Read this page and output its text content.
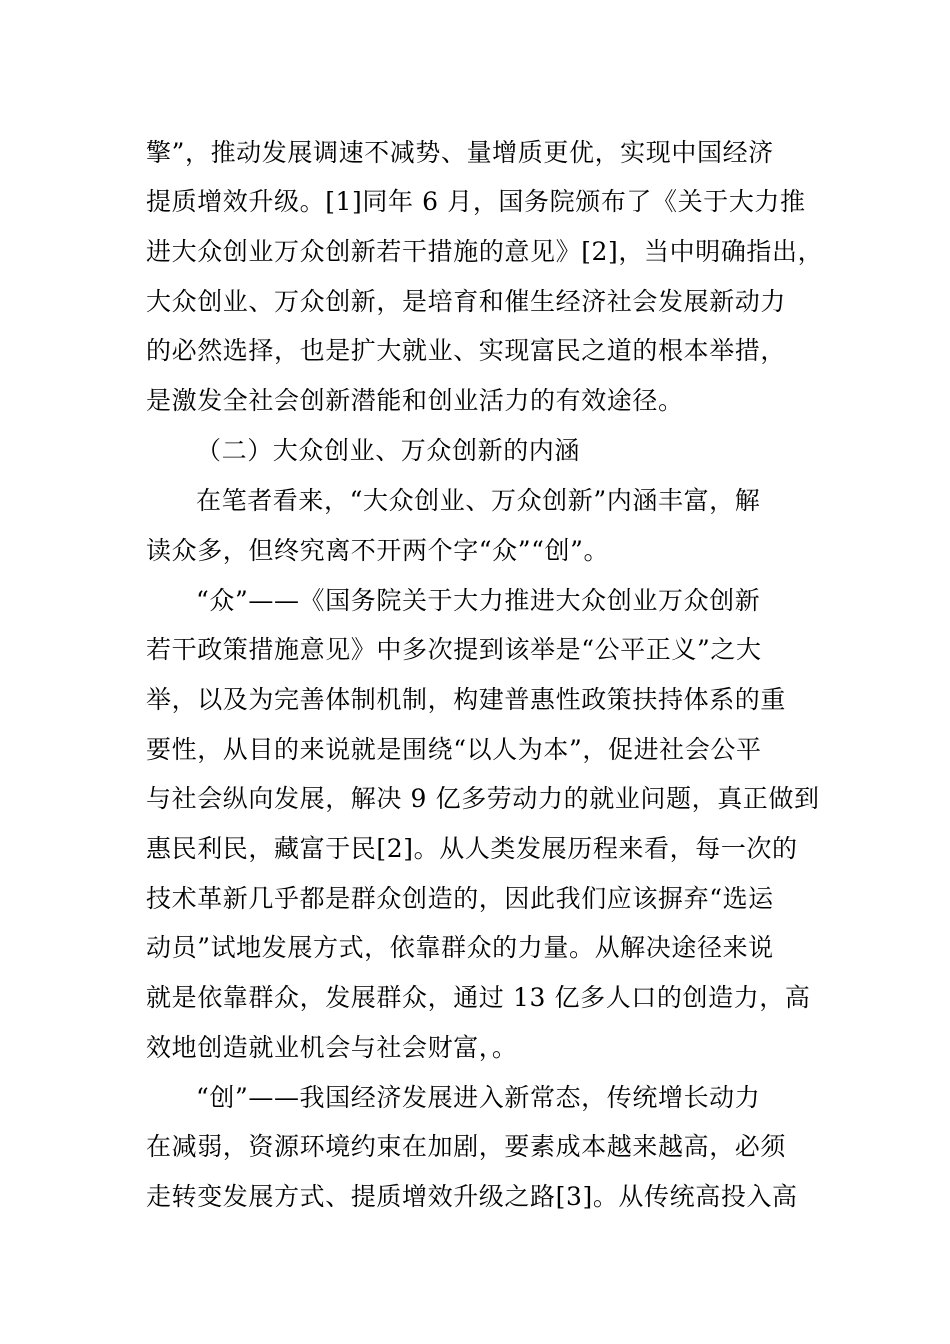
擎”，推动发展调速不减势、量增质更优，实现中国经济
提质增效升级。[1]同年 6 月，国务院颁布了《关于大力推
进大众创业万众创新若干措施的意见》[2]，当中明确指出，
大众创业、万众创新，是培育和催生经济社会发展新动力
的必然选择，也是扩大就业、实现富民之道的根本举措，
是激发全社会创新潜能和创业活力的有效途径。
（二）大众创业、万众创新的内涵
在笔者看来，“大众创业、万众创新”内涵丰富，解
读众多，但终究离不开两个字“众”“创”。
“众”——《国务院关于大力推进大众创业万众创新
若干政策措施意见》中多次提到该举是“公平正义”之大
举，以及为完善体制机制，构建普惠性政策扶持体系的重
要性，从目的来说就是围绕“以人为本”，促进社会公平
与社会纵向发展，解决 9 亿多劳动力的就业问题，真正做到
惠民利民，藏富于民[2]。从人类发展历程来看，每一次的
技术革新几乎都是群众创造的，因此我们应该摒弃“选运
动员”试地发展方式，依靠群众的力量。从解决途径来说
就是依靠群众，发展群众，通过 13 亿多人口的创造力，高
效地创造就业机会与社会财富，。
“创”——我国经济发展进入新常态，传统增长动力
在减弱，资源环境约束在加剧，要素成本越来越高，必须
走转变发展方式、提质增效升级之路[3]。从传统高投入高
